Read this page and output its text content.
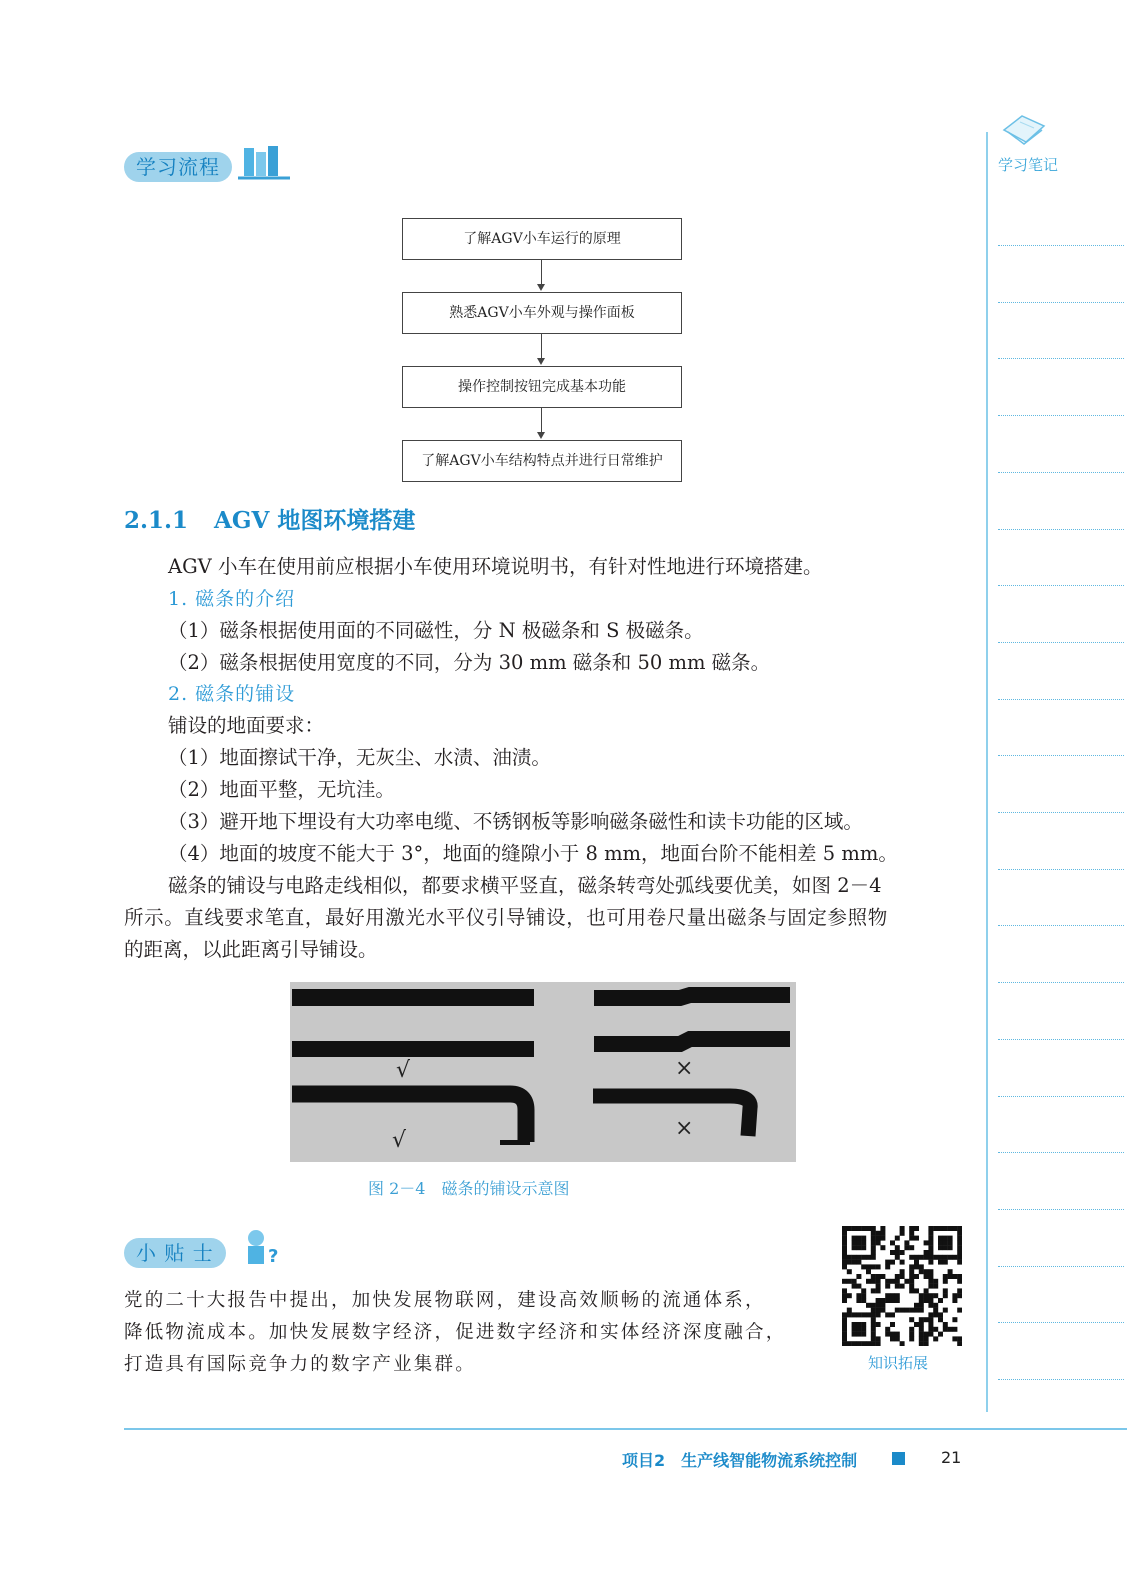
学习笔记
学习流程
了解AGV小车运行的原理
熟悉AGV小车外观与操作面板
操作控制按钮完成基本功能
了解AGV小车结构特点并进行日常维护
2.1.1 AGV 地图环境搭建
AGV 小车在使用前应根据小车使用环境说明书，有针对性地进行环境搭建。
1. 磁条的介绍
（1）磁条根据使用面的不同磁性，分 N 极磁条和 S 极磁条。
（2）磁条根据使用宽度的不同，分为 30 mm 磁条和 50 mm 磁条。
2. 磁条的铺设
铺设的地面要求：
（1）地面擦试干净，无灰尘、水渍、油渍。
（2）地面平整，无坑洼。
（3）避开地下埋设有大功率电缆、不锈钢板等影响磁条磁性和读卡功能的区域。
（4）地面的坡度不能大于 3°，地面的缝隙小于 8 mm，地面台阶不能相差 5 mm。
磁条的铺设与电路走线相似，都要求横平竖直，磁条转弯处弧线要优美，如图 2－4
所示。直线要求笔直，最好用激光水平仪引导铺设，也可用卷尺量出磁条与固定参照物
的距离，以此距离引导铺设。
√
√
×
×
图 2－4　磁条的铺设示意图
小 贴 士	?
党的二十大报告中提出，加快发展物联网，建设高效顺畅的流通体系，
降低物流成本。加快发展数字经济，促进数字经济和实体经济深度融合，
打造具有国际竞争力的数字产业集群。	知识拓展
项目2　生产线智能物流系统控制	21
